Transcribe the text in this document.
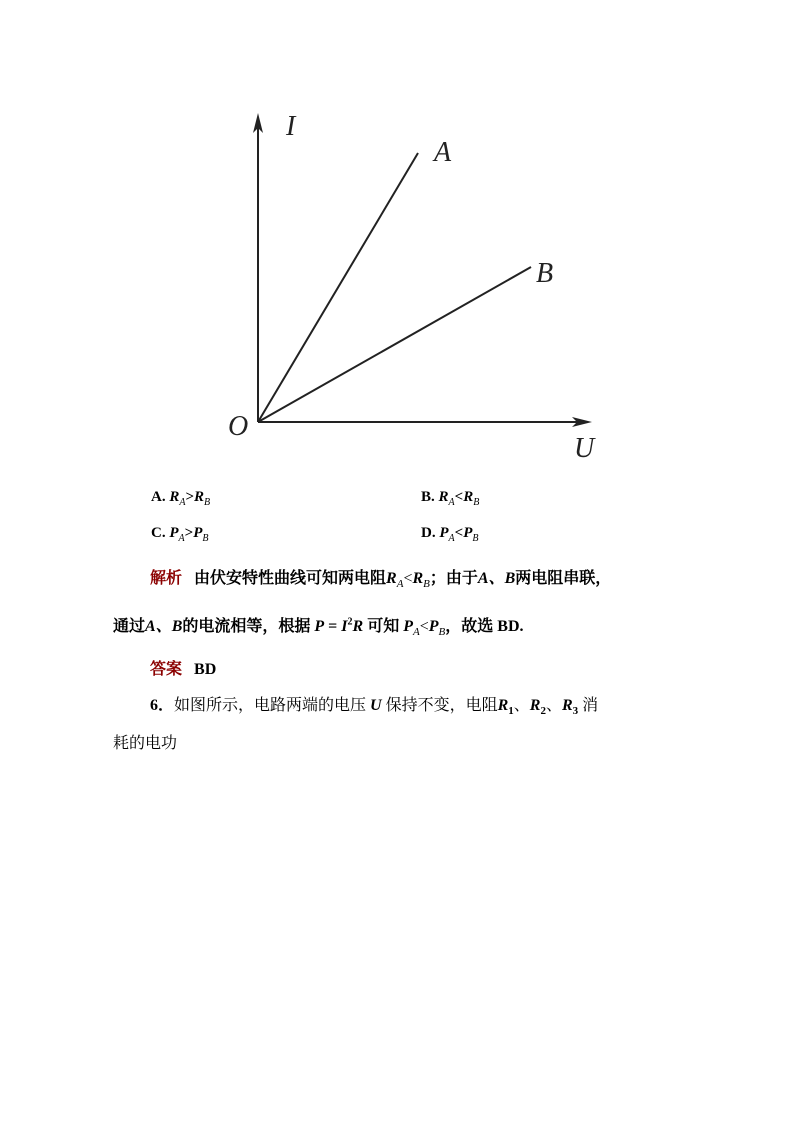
I
U
O
A
B
A. $R_A>R_B$	B. $R_A<R_B$
C. $P_A>P_B$	D. $P_A<P_B$
解析 由伏安特性曲线可知两电阻$R_A<R_B$；由于A、B两电阻串联，
通过A、B的电流相等，根据 $P = I^2R$ 可知 $P_A<P_B$，故选 BD.
答案 BD
6．如图所示，电路两端的电压 U 保持不变，电阻$R_1$、$R_2$、$R_3$ 消
耗的电功
